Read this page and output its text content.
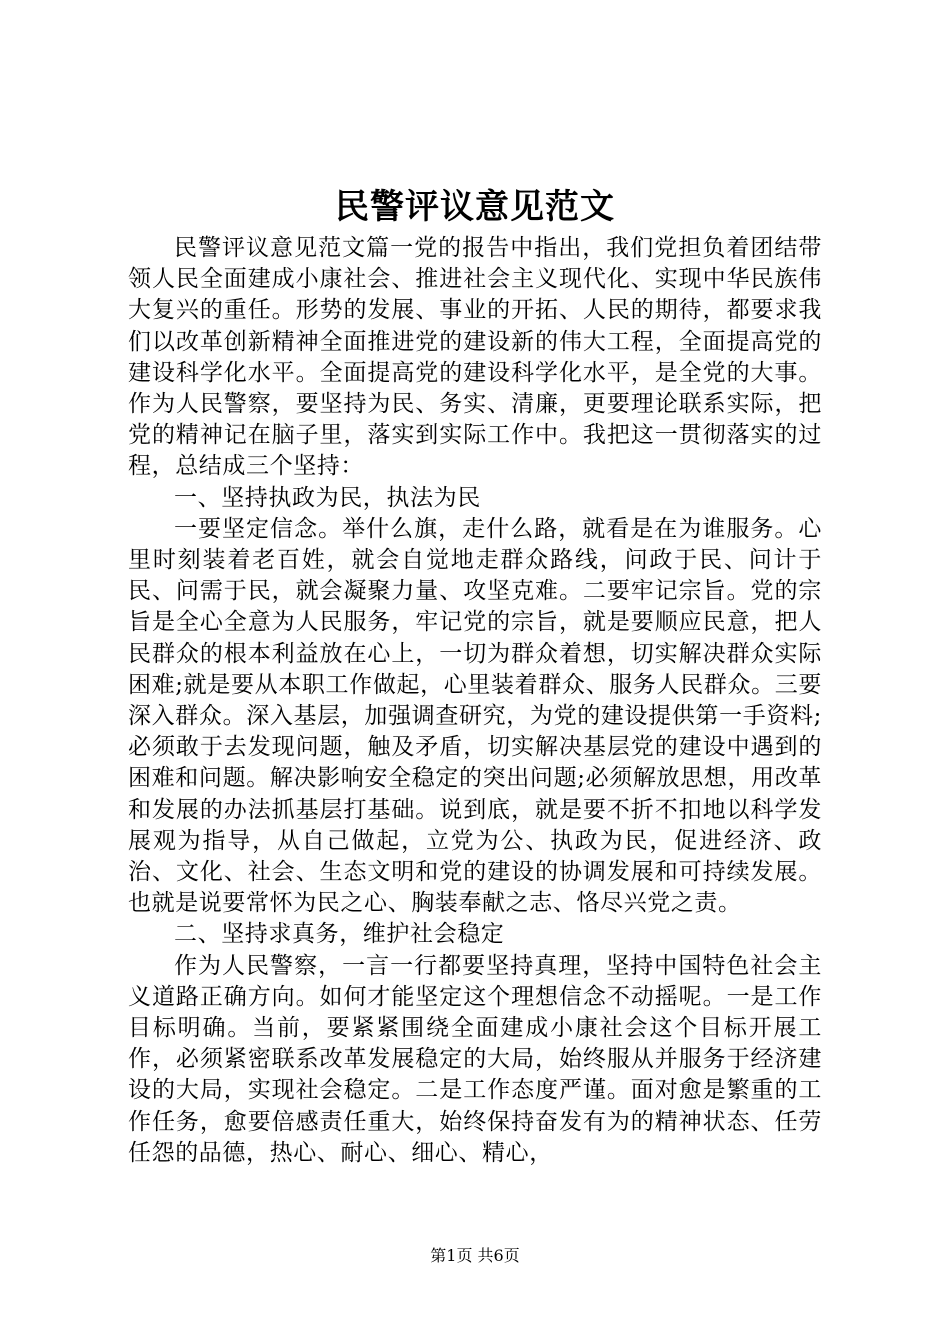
民警评议意见范文

民警评议意见范文篇一党的报告中指出，我们党担负着团结带领人民全面建成小康社会、推进社会主义现代化、实现中华民族伟大复兴的重任。形势的发展、事业的开拓、人民的期待，都要求我们以改革创新精神全面推进党的建设新的伟大工程，全面提高党的建设科学化水平。全面提高党的建设科学化水平，是全党的大事。作为人民警察，要坚持为民、务实、清廉，更要理论联系实际，把党的精神记在脑子里，落实到实际工作中。我把这一贯彻落实的过程，总结成三个坚持：

一、坚持执政为民，执法为民

一要坚定信念。举什么旗，走什么路，就看是在为谁服务。心里时刻装着老百姓，就会自觉地走群众路线，问政于民、问计于民、问需于民，就会凝聚力量、攻坚克难。二要牢记宗旨。党的宗旨是全心全意为人民服务，牢记党的宗旨，就是要顺应民意，把人民群众的根本利益放在心上，一切为群众着想，切实解决群众实际困难;就是要从本职工作做起，心里装着群众、服务人民群众。三要深入群众。深入基层，加强调查研究，为党的建设提供第一手资料;必须敢于去发现问题，触及矛盾，切实解决基层党的建设中遇到的困难和问题。解决影响安全稳定的突出问题;必须解放思想，用改革和发展的办法抓基层打基础。说到底，就是要不折不扣地以科学发展观为指导，从自己做起，立党为公、执政为民，促进经济、政治、文化、社会、生态文明和党的建设的协调发展和可持续发展。也就是说要常怀为民之心、胸装奉献之志、恪尽兴党之责。

二、坚持求真务，维护社会稳定

作为人民警察，一言一行都要坚持真理，坚持中国特色社会主义道路正确方向。如何才能坚定这个理想信念不动摇呢。一是工作目标明确。当前，要紧紧围绕全面建成小康社会这个目标开展工作，必须紧密联系改革发展稳定的大局，始终服从并服务于经济建设的大局，实现社会稳定。二是工作态度严谨。面对愈是繁重的工作任务，愈要倍感责任重大，始终保持奋发有为的精神状态、任劳任怨的品德，热心、耐心、细心、精心，

第1页 共6页
